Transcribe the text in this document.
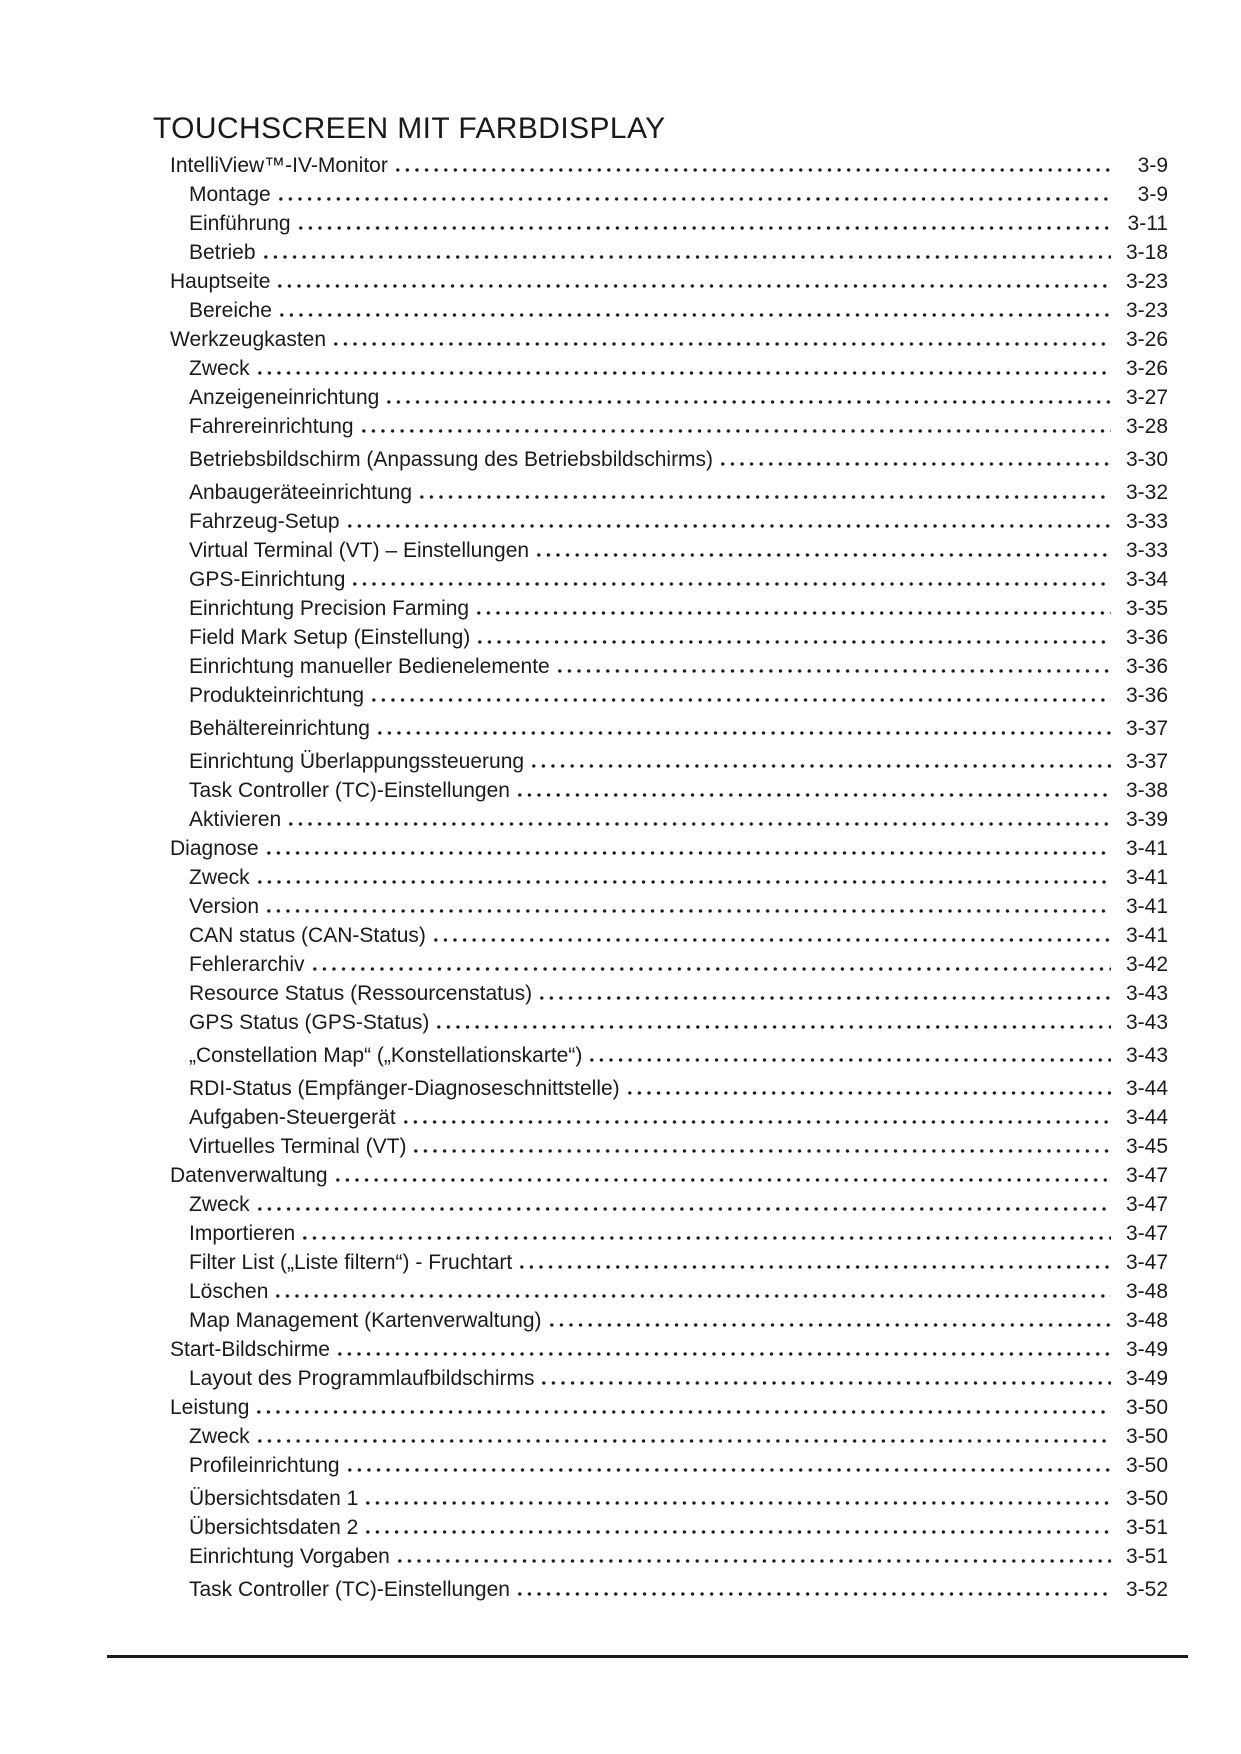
TOUCHSCREEN MIT FARBDISPLAY
IntelliView™-IV-Monitor	3-9
Montage	3-9
Einführung	3-11
Betrieb	3-18
Hauptseite	3-23
Bereiche	3-23
Werkzeugkasten	3-26
Zweck	3-26
Anzeigeneinrichtung	3-27
Fahrereinrichtung	3-28
Betriebsbildschirm (Anpassung des Betriebsbildschirms)	3-30
Anbaugeräteeinrichtung	3-32
Fahrzeug-Setup	3-33
Virtual Terminal (VT) – Einstellungen	3-33
GPS-Einrichtung	3-34
Einrichtung Precision Farming	3-35
Field Mark Setup (Einstellung)	3-36
Einrichtung manueller Bedienelemente	3-36
Produkteinrichtung	3-36
Behältereinrichtung	3-37
Einrichtung Überlappungssteuerung	3-37
Task Controller (TC)-Einstellungen	3-38
Aktivieren	3-39
Diagnose	3-41
Zweck	3-41
Version	3-41
CAN status (CAN-Status)	3-41
Fehlerarchiv	3-42
Resource Status (Ressourcenstatus)	3-43
GPS Status (GPS-Status)	3-43
„Constellation Map“ („Konstellationskarte“)	3-43
RDI-Status (Empfänger-Diagnoseschnittstelle)	3-44
Aufgaben-Steuergerät	3-44
Virtuelles Terminal (VT)	3-45
Datenverwaltung	3-47
Zweck	3-47
Importieren	3-47
Filter List („Liste filtern“) - Fruchtart	3-47
Löschen	3-48
Map Management (Kartenverwaltung)	3-48
Start-Bildschirme	3-49
Layout des Programmlaufbildschirms	3-49
Leistung	3-50
Zweck	3-50
Profileinrichtung	3-50
Übersichtsdaten 1	3-50
Übersichtsdaten 2	3-51
Einrichtung Vorgaben	3-51
Task Controller (TC)-Einstellungen	3-52
